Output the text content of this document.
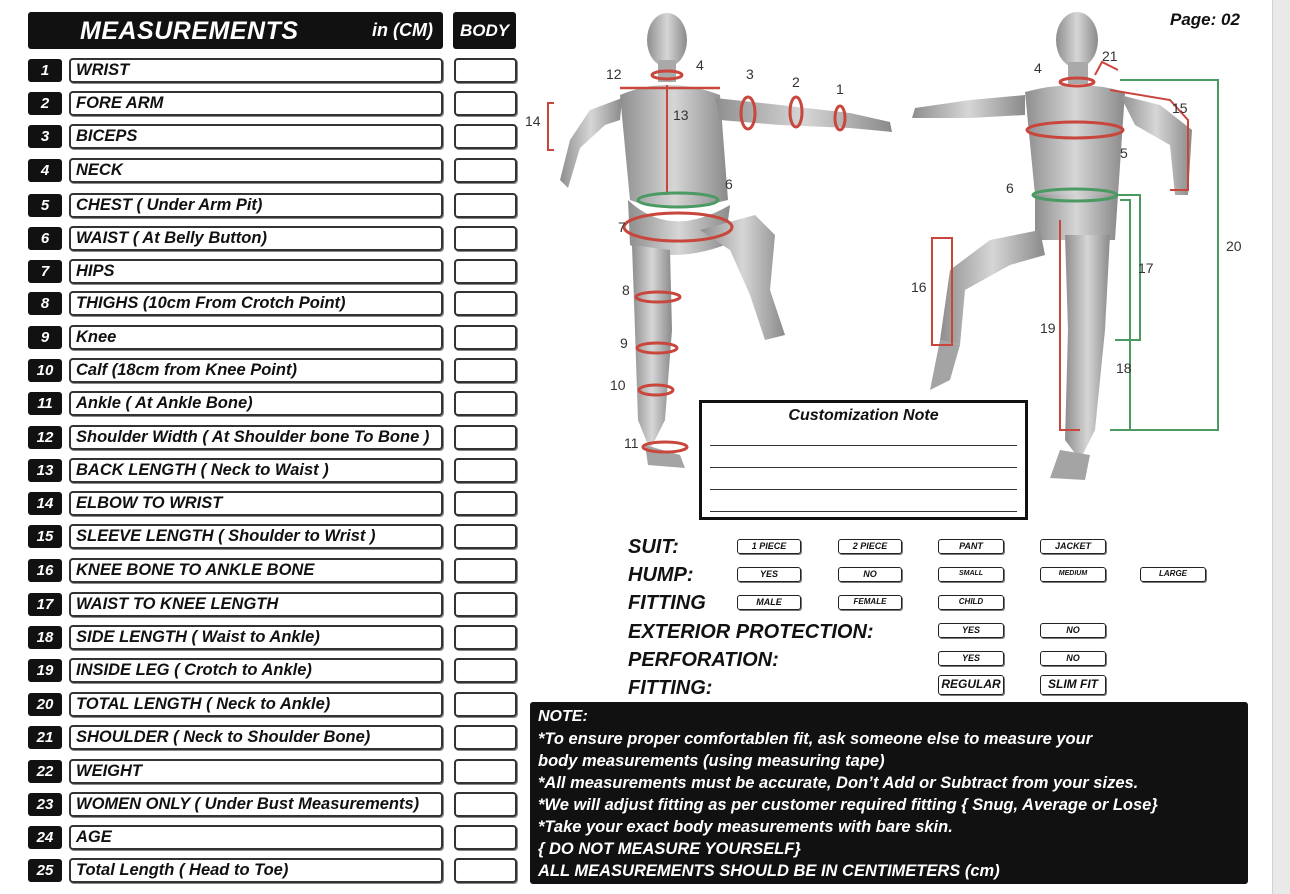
MEASUREMENTS	in (CM)	BODY
1	WRIST
2	FORE ARM
3	BICEPS
4	NECK
5	CHEST ( Under Arm Pit)
6	WAIST ( At Belly Button)
7	HIPS
8	THIGHS (10cm From Crotch Point)
9	Knee
10	Calf (18cm from Knee Point)
11	Ankle ( At Ankle Bone)
12	Shoulder Width ( At Shoulder bone To Bone )
13	BACK LENGTH ( Neck to Waist )
14	ELBOW TO WRIST
15	SLEEVE LENGTH ( Shoulder to Wrist )
16	KNEE BONE TO ANKLE BONE
17	WAIST TO KNEE LENGTH
18	SIDE LENGTH ( Waist to Ankle)
19	INSIDE LEG ( Crotch to Ankle)
20	TOTAL LENGTH ( Neck to Ankle)
21	SHOULDER ( Neck to Shoulder Bone)
22	WEIGHT
23	WOMEN ONLY ( Under Bust Measurements)
24	AGE
25	Total Length ( Head to Toe)
Page: 02
12
4
3	2	1
14	13
6
7
8
9
10
11
4
21
15
5
6
20
16
17
19
18
Customization Note
SUIT:	1 PIECE	2 PIECE	PANT	JACKET
HUMP:	YES	NO	SMALL	MEDIUM	LARGE
FITTING	MALE	FEMALE	CHILD
EXTERIOR PROTECTION:	YES	NO
PERFORATION:	YES	NO
FITTING:	REGULAR	SLIM FIT
NOTE:
*To ensure proper comfortablen fit, ask someone else to measure your
body measurements (using measuring tape)
*All measurements must be accurate, Don’t Add or Subtract from your sizes.
*We will adjust fitting as per customer required fitting { Snug, Average or Lose}
*Take your exact body measurements with bare skin.
{ DO NOT MEASURE YOURSELF}
ALL MEASUREMENTS SHOULD BE IN CENTIMETERS (cm)
